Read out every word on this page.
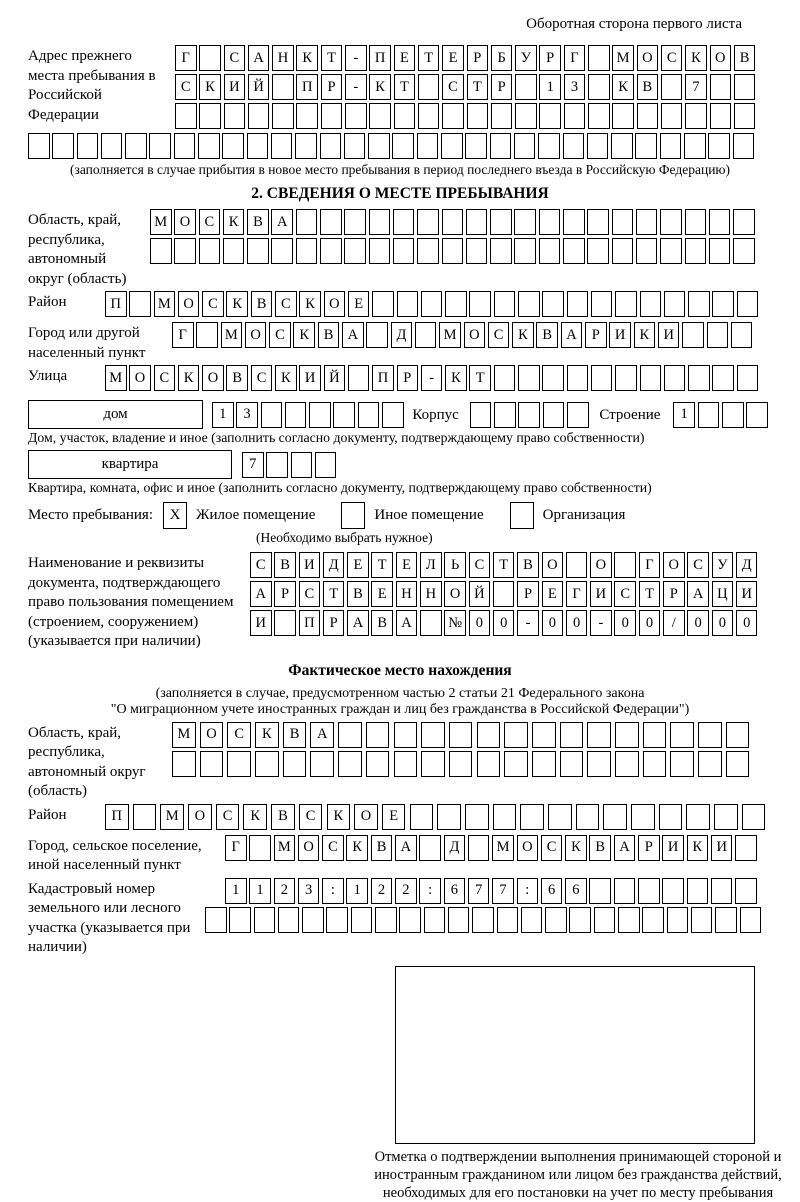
Оборотная сторона первого листа
Адрес прежнего места пребывания в Российской Федерации
Г	С А Н К	Т	-	П	Е	Т	Е	Р	Б	У	Р	Г	М О С	К О В
С	К И Й	П	Р	-	К	Т	С	Т	Р	1	3	К	В	7
(заполняется в случае прибытия в новое место пребывания в период последнего въезда в Российскую Федерацию)
2. СВЕДЕНИЯ О МЕСТЕ ПРЕБЫВАНИЯ
Область, край, республика, автономный округ (область)
М О С	К	В А
Район	П	М О С	К	В	С	К О	Е
Город или другой населенный пункт
Г	М О С	К	В А	Д	М О С	К	В А	Р	И К И
Улица	М О С	К О В	С	К И Й	П	Р	-	К	Т
дом	1	3	Корпус	Строение	1
Дом, участок, владение и иное (заполнить согласно документу, подтверждающему право собственности)
квартира	7
Квартира, комната, офис и иное (заполнить согласно документу, подтверждающему право собственности)
Место пребывания:	X	Жилое помещение	Иное помещение	Организация
(Необходимо выбрать нужное)
Наименование и реквизиты документа, подтверждающего право пользования помещением (строением, сооружением) (указывается при наличии)
С	В И Д	Е	Т	Е	Л	Ь	С	Т	В О	О	Г	О С У Д
А	Р	С	Т	В	Е	Н Н О Й	Р	Е	Г	И С	Т	Р	А Ц И
И	П	Р	А В А	№ 0	0	-	0	0	-	0	0	/	0	0	0
Фактическое место нахождения
(заполняется в случае, предусмотренном частью 2 статьи 21 Федерального закона
"О миграционном учете иностранных граждан и лиц без гражданства в Российской Федерации")
Область, край, республика, автономный округ (область)
М	О	С	К	В	А
Район	П	М	О	С	К	В	С	К	О	Е
Город, сельское поселение, иной населенный пункт
Г	М О С	К	В А	Д	М О С	К	В А	Р	И К И
Кадастровый номер земельного или лесного участка (указывается при наличии)
1	1	2	3	:	1	2	2	:	6	7	7	:	6	6
Отметка о подтверждении выполнения принимающей стороной и иностранным гражданином или лицом без гражданства действий, необходимых для его постановки на учет по месту пребывания
